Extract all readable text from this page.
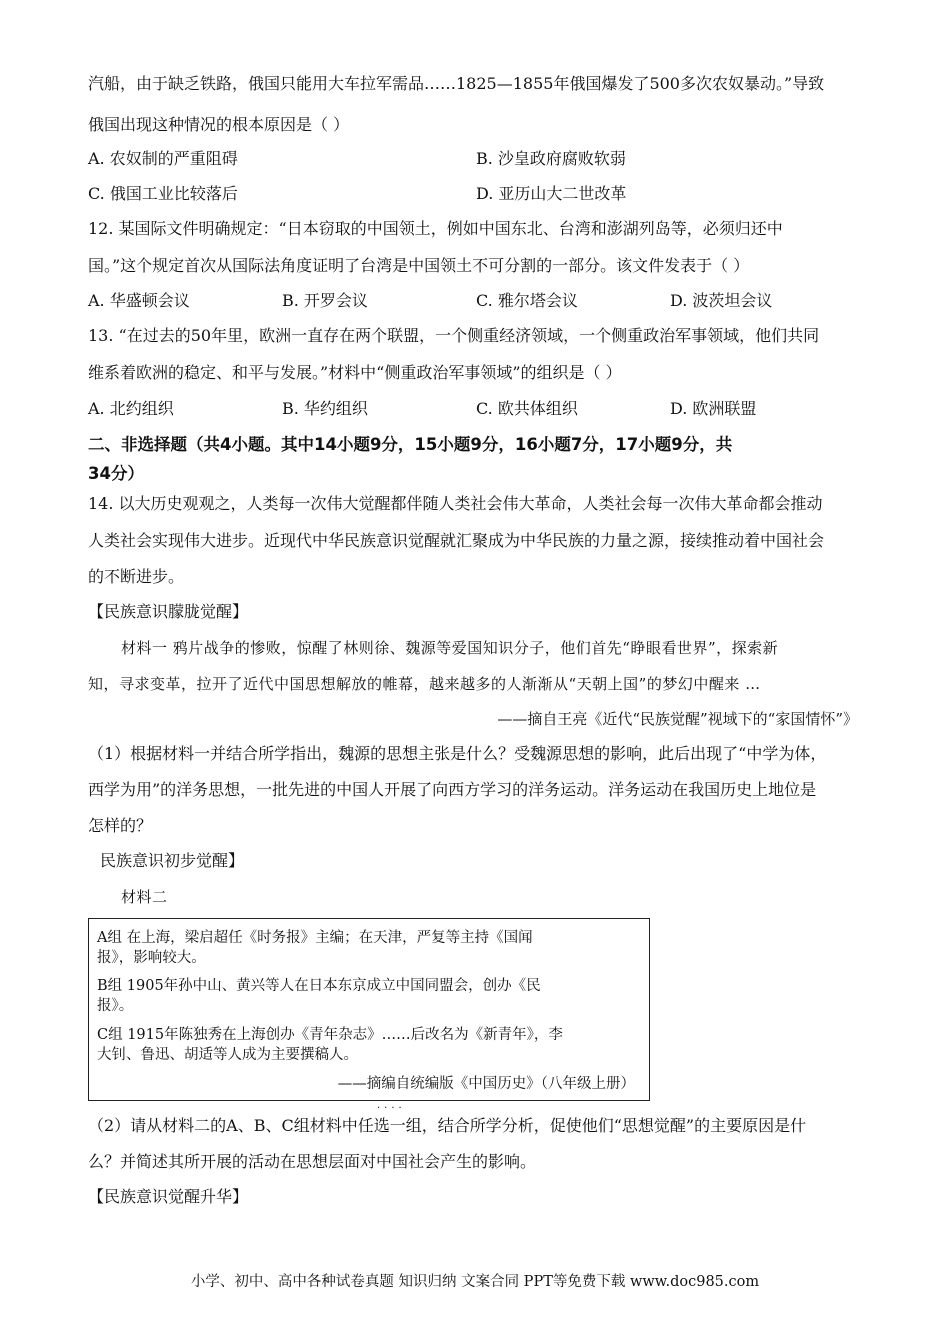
汽船，由于缺乏铁路，俄国只能用大车拉军需品……1825—1855年俄国爆发了500多次农奴暴动。”导致
俄国出现这种情况的根本原因是（ ）
A. 农奴制的严重阻碍	B. 沙皇政府腐败软弱
C. 俄国工业比较落后	D. 亚历山大二世改革
12. 某国际文件明确规定：“日本窃取的中国领土，例如中国东北、台湾和澎湖列岛等，必须归还中
国。”这个规定首次从国际法角度证明了台湾是中国领土不可分割的一部分。该文件发表于（ ）
A. 华盛顿会议	B. 开罗会议	C. 雅尔塔会议	D. 波茨坦会议
13. “在过去的50年里，欧洲一直存在两个联盟，一个侧重经济领域，一个侧重政治军事领域，他们共同
维系着欧洲的稳定、和平与发展。”材料中“侧重政治军事领域”的组织是（ ）
A. 北约组织	B. 华约组织	C. 欧共体组织	D. 欧洲联盟
二、非选择题（共4小题。其中14小题9分，15小题9分，16小题7分，17小题9分，共
34分）
14. 以大历史观观之，人类每一次伟大觉醒都伴随人类社会伟大革命，人类社会每一次伟大革命都会推动
人类社会实现伟大进步。近现代中华民族意识觉醒就汇聚成为中华民族的力量之源，接续推动着中国社会
的不断进步。
【民族意识朦胧觉醒】
材料一 鸦片战争的惨败，惊醒了林则徐、魏源等爱国知识分子，他们首先“睁眼看世界”，探索新
知，寻求变革，拉开了近代中国思想解放的帷幕，越来越多的人渐渐从“天朝上国”的梦幻中醒来 …
——摘自王亮《近代“民族觉醒”视域下的“家国情怀”》
（1）根据材料一并结合所学指出，魏源的思想主张是什么？受魏源思想的影响，此后出现了“中学为体，
西学为用”的洋务思想，一批先进的中国人开展了向西方学习的洋务运动。洋务运动在我国历史上地位是
怎样的？
民族意识初步觉醒】
材料二
A组 在上海，梁启超任《时务报》主编；在天津，严复等主持《国闻
报》，影响较大。
B组 1905年孙中山、黄兴等人在日本东京成立中国同盟会，创办《民
报》。
C组 1915年陈独秀在上海创办《青年杂志》……后改名为《新青年》，李
大钊、鲁迅、胡适等人成为主要撰稿人。
——摘编自统编版《中国历史》（八年级上册）
····
（2）请从材料二的A、B、C组材料中任选一组，结合所学分析，促使他们“思想觉醒”的主要原因是什
么？并简述其所开展的活动在思想层面对中国社会产生的影响。
【民族意识觉醒升华】
小学、初中、高中各种试卷真题 知识归纳 文案合同 PPT等免费下载 www.doc985.com
